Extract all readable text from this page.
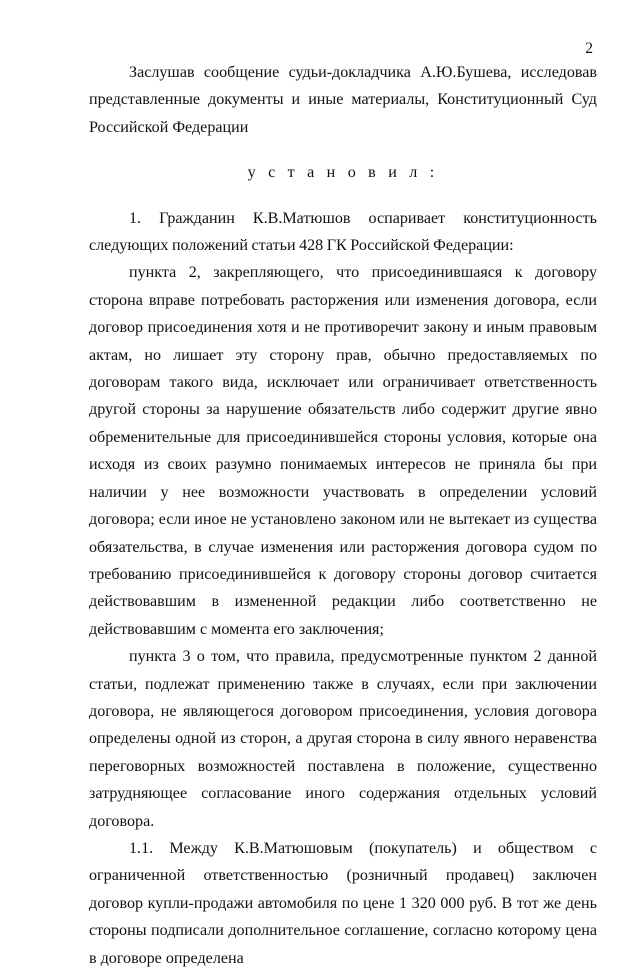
2

Заслушав сообщение судьи-докладчика А.Ю.Бушева, исследовав представленные документы и иные материалы, Конституционный Суд Российской Федерации

у с т а н о в и л :

1. Гражданин К.В.Матюшов оспаривает конституционность следующих положений статьи 428 ГК Российской Федерации:

пункта 2, закрепляющего, что присоединившаяся к договору сторона вправе потребовать расторжения или изменения договора, если договор присоединения хотя и не противоречит закону и иным правовым актам, но лишает эту сторону прав, обычно предоставляемых по договорам такого вида, исключает или ограничивает ответственность другой стороны за нарушение обязательств либо содержит другие явно обременительные для присоединившейся стороны условия, которые она исходя из своих разумно понимаемых интересов не приняла бы при наличии у нее возможности участвовать в определении условий договора; если иное не установлено законом или не вытекает из существа обязательства, в случае изменения или расторжения договора судом по требованию присоединившейся к договору стороны договор считается действовавшим в измененной редакции либо соответственно не действовавшим с момента его заключения;

пункта 3 о том, что правила, предусмотренные пунктом 2 данной статьи, подлежат применению также в случаях, если при заключении договора, не являющегося договором присоединения, условия договора определены одной из сторон, а другая сторона в силу явного неравенства переговорных возможностей поставлена в положение, существенно затрудняющее согласование иного содержания отдельных условий договора.

1.1. Между К.В.Матюшовым (покупатель) и обществом с ограниченной ответственностью (розничный продавец) заключен договор купли-продажи автомобиля по цене 1 320 000 руб. В тот же день стороны подписали дополнительное соглашение, согласно которому цена в договоре определена
